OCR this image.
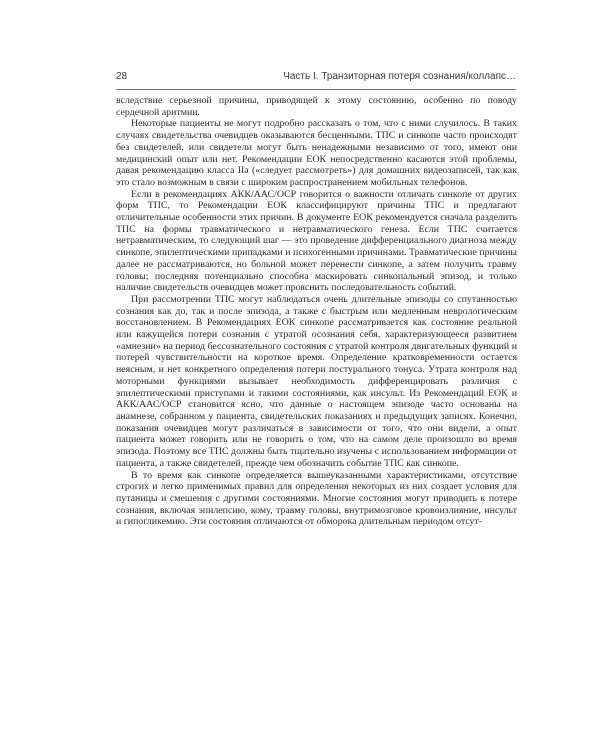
28	Часть I. Транзиторная потеря сознания/коллапс…

вследствие серьезной причины, приводящей к этому состоянию, особенно по поводу сердечной аритмии.

Некоторые пациенты не могут подробно рассказать о том, что с ними случилось. В таких случаях свидетельства очевидцев оказываются бесценными. ТПС и синкопе часто происходят без свидетелей, или свидетели могут быть ненадежными независимо от того, имеют они медицинский опыт или нет. Рекомендации ЕОК непосредственно касаются этой проблемы, давая рекомендацию класса IIa («следует рассмотреть») для домашних видеозаписей, так как это стало возможным в связи с широким распространением мобильных телефонов.

Если в рекомендациях АКК/ААС/ОСР говорится о важности отличать синкопе от других форм ТПС, то Рекомендации ЕОК классифицируют причины ТПС и предлагают отличительные особенности этих причин. В документе ЕОК рекомендуется сначала разделить ТПС на формы травматического и нетравматического генеза. Если ТПС считается нетравматическим, то следующий шаг — это проведение дифференциального диагноза между синкопе, эпилептическими припадками и психогенными причинами. Травматические причины далее не рассматриваются, но больной может перенести синкопе, а затем получить травму головы; последняя потенциально способна маскировать синкопальный эпизод, и только наличие свидетельств очевидцев может прояснить последовательность событий.

При рассмотрении ТПС могут наблюдаться очень длительные эпизоды со спутанностью сознания как до, так и после эпизода, а также с быстрым или медленным неврологическим восстановлением. В Рекомендациях ЕОК синкопе рассматривается как состояние реальной или кажущейся потери сознания с утратой осознания себя, характеризующееся развитием «амнезии» на период бессознательного состояния с утратой контроля двигательных функций и потерей чувствительности на короткое время. Определение кратковременности остается неясным, и нет конкретного определения потери постурального тонуса. Утрата контроля над моторными функциями вызывает необходимость дифференцировать различия с эпилептическими приступами и такими состояниями, как инсульт. Из Рекомендаций ЕОК и АКК/ААС/ОСР становится ясно, что данные о настоящем эпизоде часто основаны на анамнезе, собранном у пациента, свидетельских показаниях и предыдущих записях. Конечно, показания очевидцев могут различаться в зависимости от того, что они видели, а опыт пациента может говорить или не говорить о том, что на самом деле произошло во время эпизода. Поэтому все ТПС должны быть тщательно изучены с использованием информации от пациента, а также свидетелей, прежде чем обозначить событие ТПС как синкопе.

В то время как синкопе определяется вышеуказанными характеристиками, отсутствие строгих и легко применимых правил для определения некоторых из них создает условия для путаницы и смешения с другими состояниями. Многие состояния могут приводить к потере сознания, включая эпилепсию, кому, травму головы, внутримозговое кровоизлияние, инсульт и гипогликемию. Эти состояния отличаются от обморока длительным периодом отсут-
